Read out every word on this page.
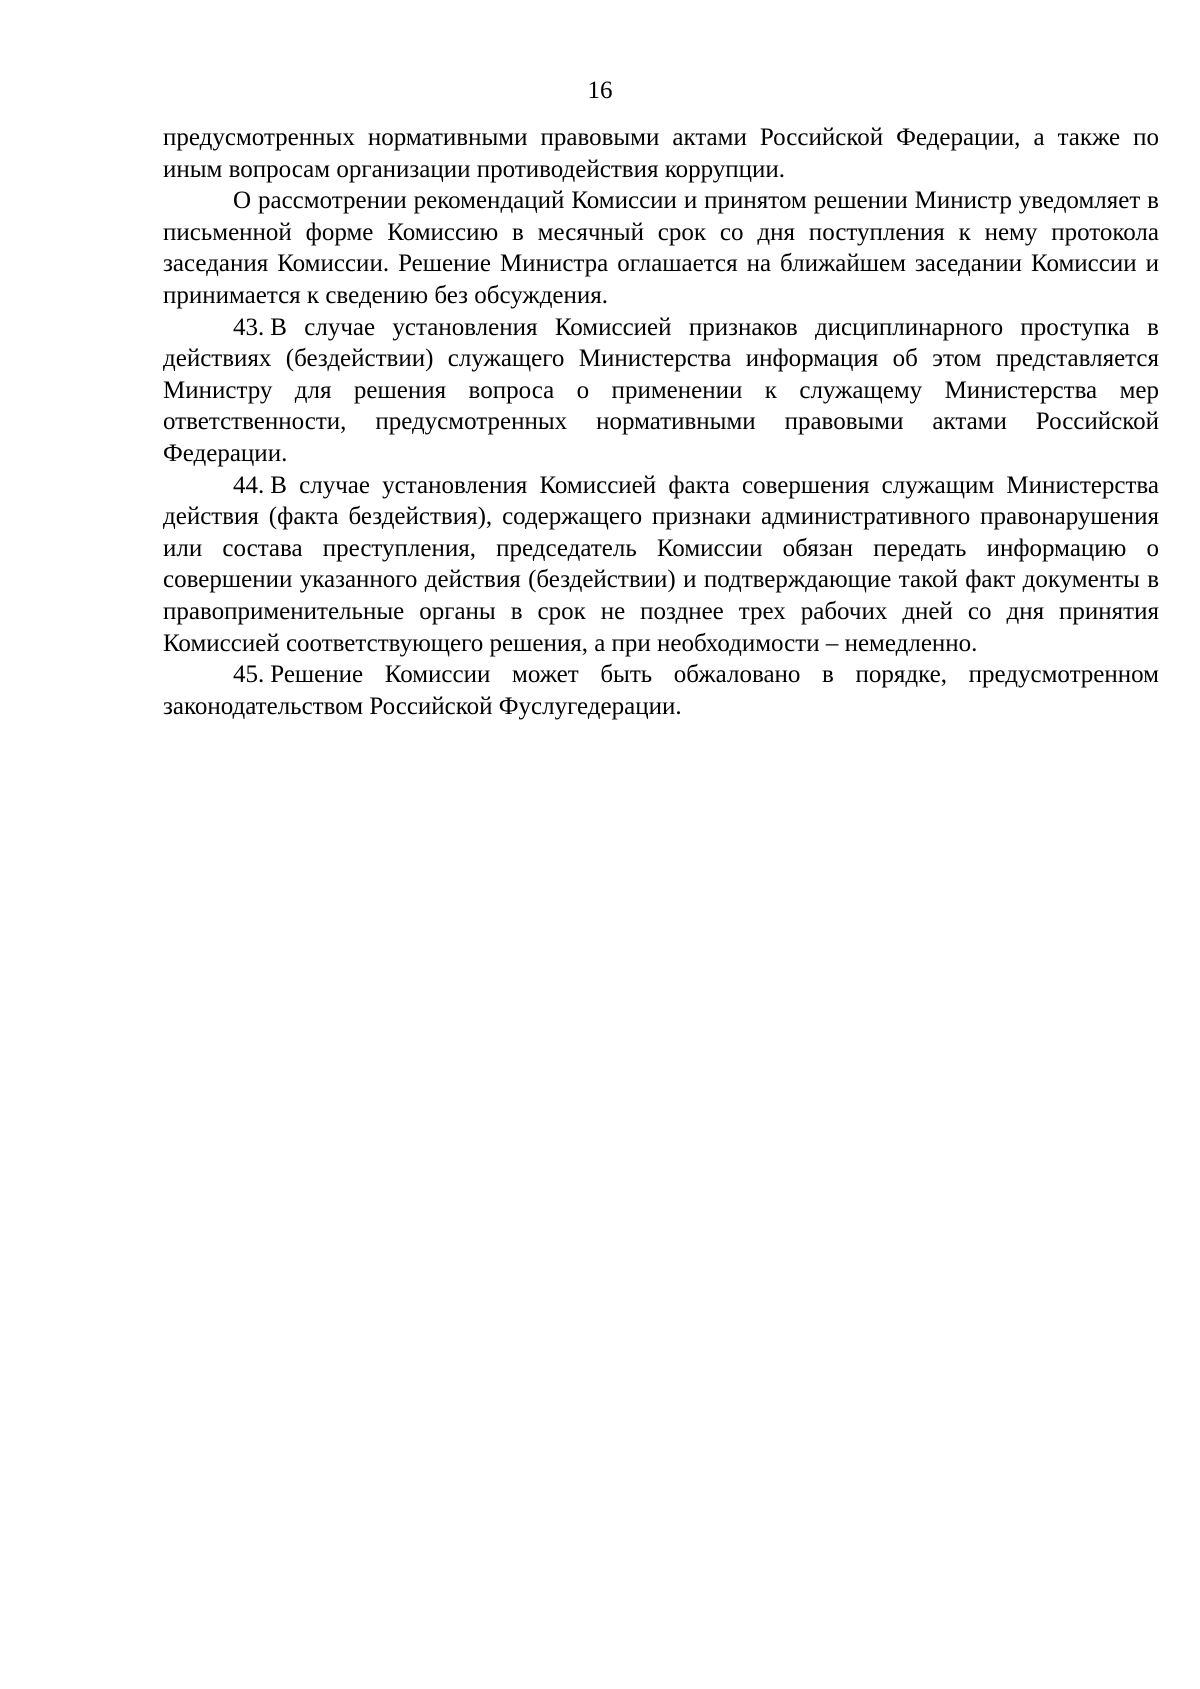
16

предусмотренных нормативными правовыми актами Российской Федерации, а также по иным вопросам организации противодействия коррупции.

О рассмотрении рекомендаций Комиссии и принятом решении Министр уведомляет в письменной форме Комиссию в месячный срок со дня поступления к нему протокола заседания Комиссии. Решение Министра оглашается на ближайшем заседании Комиссии и принимается к сведению без обсуждения.

43. В случае установления Комиссией признаков дисциплинарного проступка в действиях (бездействии) служащего Министерства информация об этом представляется Министру для решения вопроса о применении к служащему Министерства мер ответственности, предусмотренных нормативными правовыми актами Российской Федерации.

44. В случае установления Комиссией факта совершения служащим Министерства действия (факта бездействия), содержащего признаки административного правонарушения или состава преступления, председатель Комиссии обязан передать информацию о совершении указанного действия (бездействии) и подтверждающие такой факт документы в правоприменительные органы в срок не позднее трех рабочих дней со дня принятия Комиссией соответствующего решения, а при необходимости – немедленно.

45. Решение Комиссии может быть обжаловано в порядке, предусмотренном законодательством Российской Фуслугедерации.
